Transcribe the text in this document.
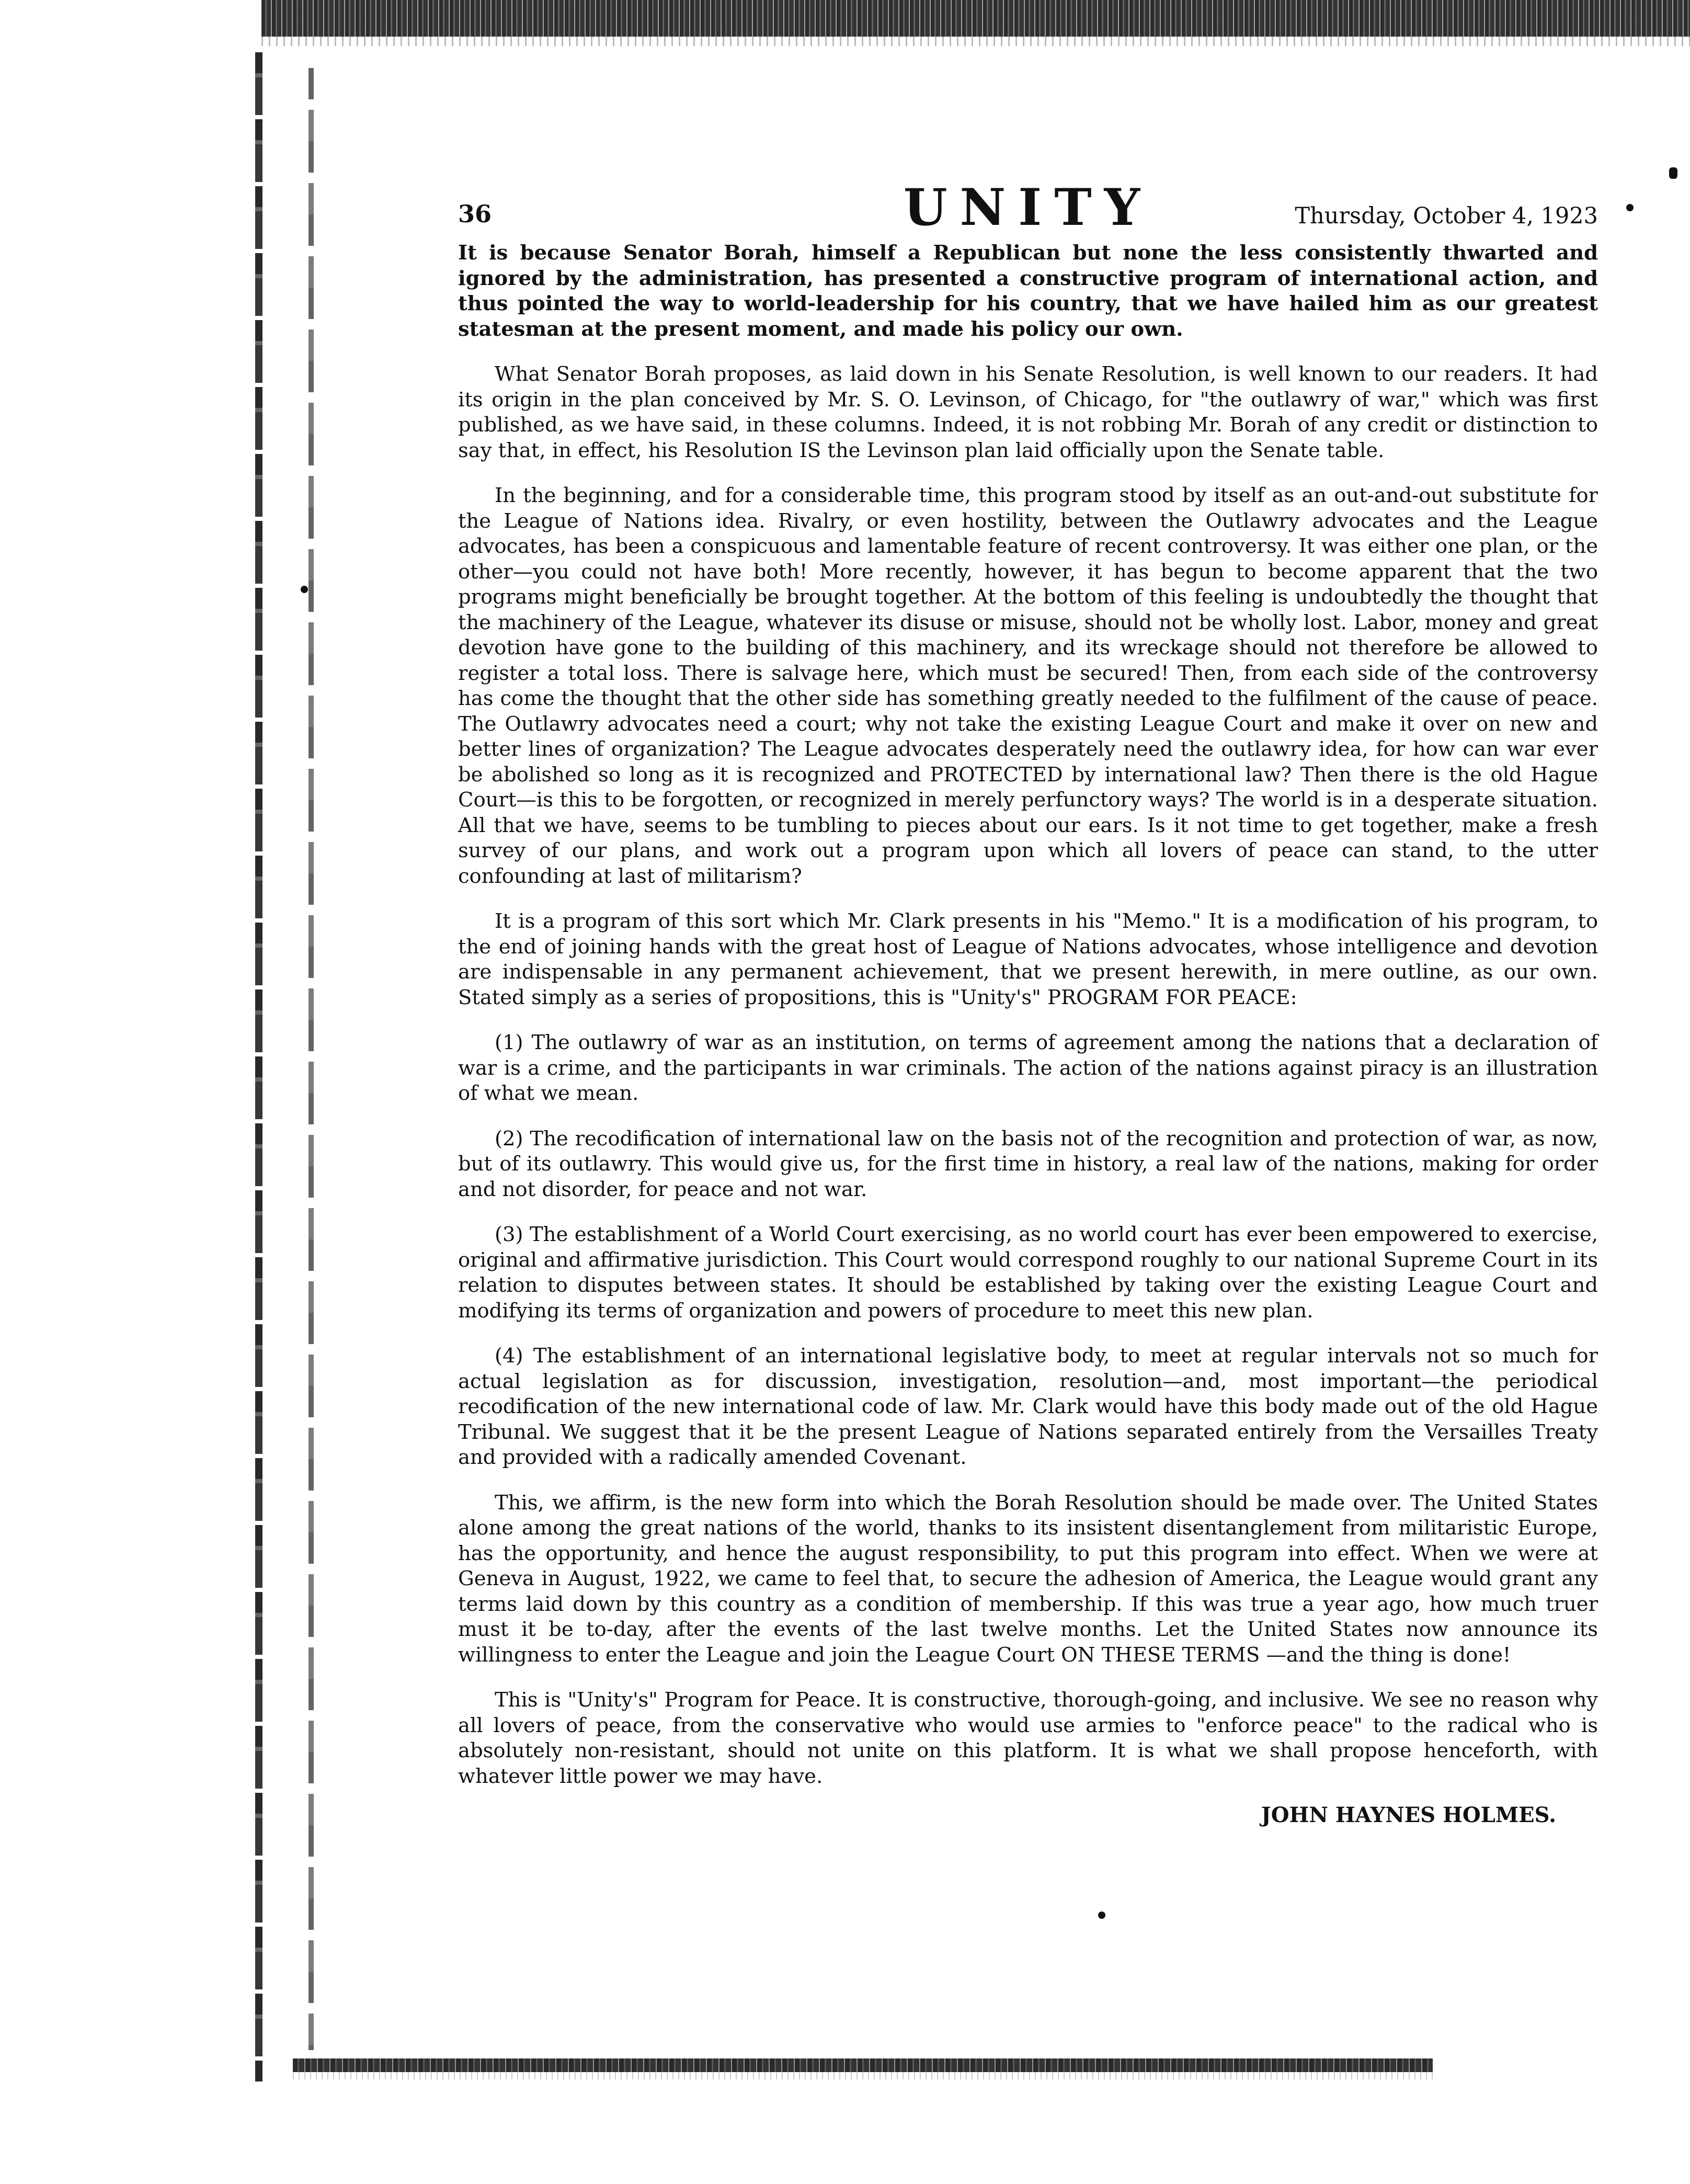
36	UNITY	Thursday, October 4, 1923

It is because Senator Borah, himself a Republican but none the less consistently thwarted and ignored by the administration, has presented a constructive program of international action, and thus pointed the way to world-leadership for his country, that we have hailed him as our greatest statesman at the present moment, and made his policy our own.

What Senator Borah proposes, as laid down in his Senate Resolution, is well known to our readers. It had its origin in the plan conceived by Mr. S. O. Levinson, of Chicago, for "the outlawry of war," which was first published, as we have said, in these columns. Indeed, it is not robbing Mr. Borah of any credit or distinction to say that, in effect, his Resolution IS the Levinson plan laid officially upon the Senate table.

In the beginning, and for a considerable time, this program stood by itself as an out-and-out substitute for the League of Nations idea. Rivalry, or even hostility, between the Outlawry advocates and the League advocates, has been a conspicuous and lamentable feature of recent controversy. It was either one plan, or the other—you could not have both! More recently, however, it has begun to become apparent that the two programs might beneficially be brought together. At the bottom of this feeling is undoubtedly the thought that the machinery of the League, whatever its disuse or misuse, should not be wholly lost. Labor, money and great devotion have gone to the building of this machinery, and its wreckage should not therefore be allowed to register a total loss. There is salvage here, which must be secured! Then, from each side of the controversy has come the thought that the other side has something greatly needed to the fulfilment of the cause of peace. The Outlawry advocates need a court; why not take the existing League Court and make it over on new and better lines of organization? The League advocates desperately need the outlawry idea, for how can war ever be abolished so long as it is recognized and PROTECTED by international law? Then there is the old Hague Court—is this to be forgotten, or recognized in merely perfunctory ways? The world is in a desperate situation. All that we have, seems to be tumbling to pieces about our ears. Is it not time to get together, make a fresh survey of our plans, and work out a program upon which all lovers of peace can stand, to the utter confounding at last of militarism?

It is a program of this sort which Mr. Clark presents in his "Memo." It is a modification of his program, to the end of joining hands with the great host of League of Nations advocates, whose intelligence and devotion are indispensable in any permanent achievement, that we present herewith, in mere outline, as our own. Stated simply as a series of propositions, this is "Unity's" PROGRAM FOR PEACE:

(1) The outlawry of war as an institution, on terms of agreement among the nations that a declaration of war is a crime, and the participants in war criminals. The action of the nations against piracy is an illustration of what we mean.

(2) The recodification of international law on the basis not of the recognition and protection of war, as now, but of its outlawry. This would give us, for the first time in history, a real law of the nations, making for order and not disorder, for peace and not war.

(3) The establishment of a World Court exercising, as no world court has ever been empowered to exercise, original and affirmative jurisdiction. This Court would correspond roughly to our national Supreme Court in its relation to disputes between states. It should be established by taking over the existing League Court and modifying its terms of organization and powers of procedure to meet this new plan.

(4) The establishment of an international legislative body, to meet at regular intervals not so much for actual legislation as for discussion, investigation, resolution—and, most important—the periodical recodification of the new international code of law. Mr. Clark would have this body made out of the old Hague Tribunal. We suggest that it be the present League of Nations separated entirely from the Versailles Treaty and provided with a radically amended Covenant.

This, we affirm, is the new form into which the Borah Resolution should be made over. The United States alone among the great nations of the world, thanks to its insistent disentanglement from militaristic Europe, has the opportunity, and hence the august responsibility, to put this program into effect. When we were at Geneva in August, 1922, we came to feel that, to secure the adhesion of America, the League would grant any terms laid down by this country as a condition of membership. If this was true a year ago, how much truer must it be to-day, after the events of the last twelve months. Let the United States now announce its willingness to enter the League and join the League Court ON THESE TERMS —and the thing is done!

This is "Unity's" Program for Peace. It is constructive, thorough-going, and inclusive. We see no reason why all lovers of peace, from the conservative who would use armies to "enforce peace" to the radical who is absolutely non-resistant, should not unite on this platform. It is what we shall propose henceforth, with whatever little power we may have.

JOHN HAYNES HOLMES.
